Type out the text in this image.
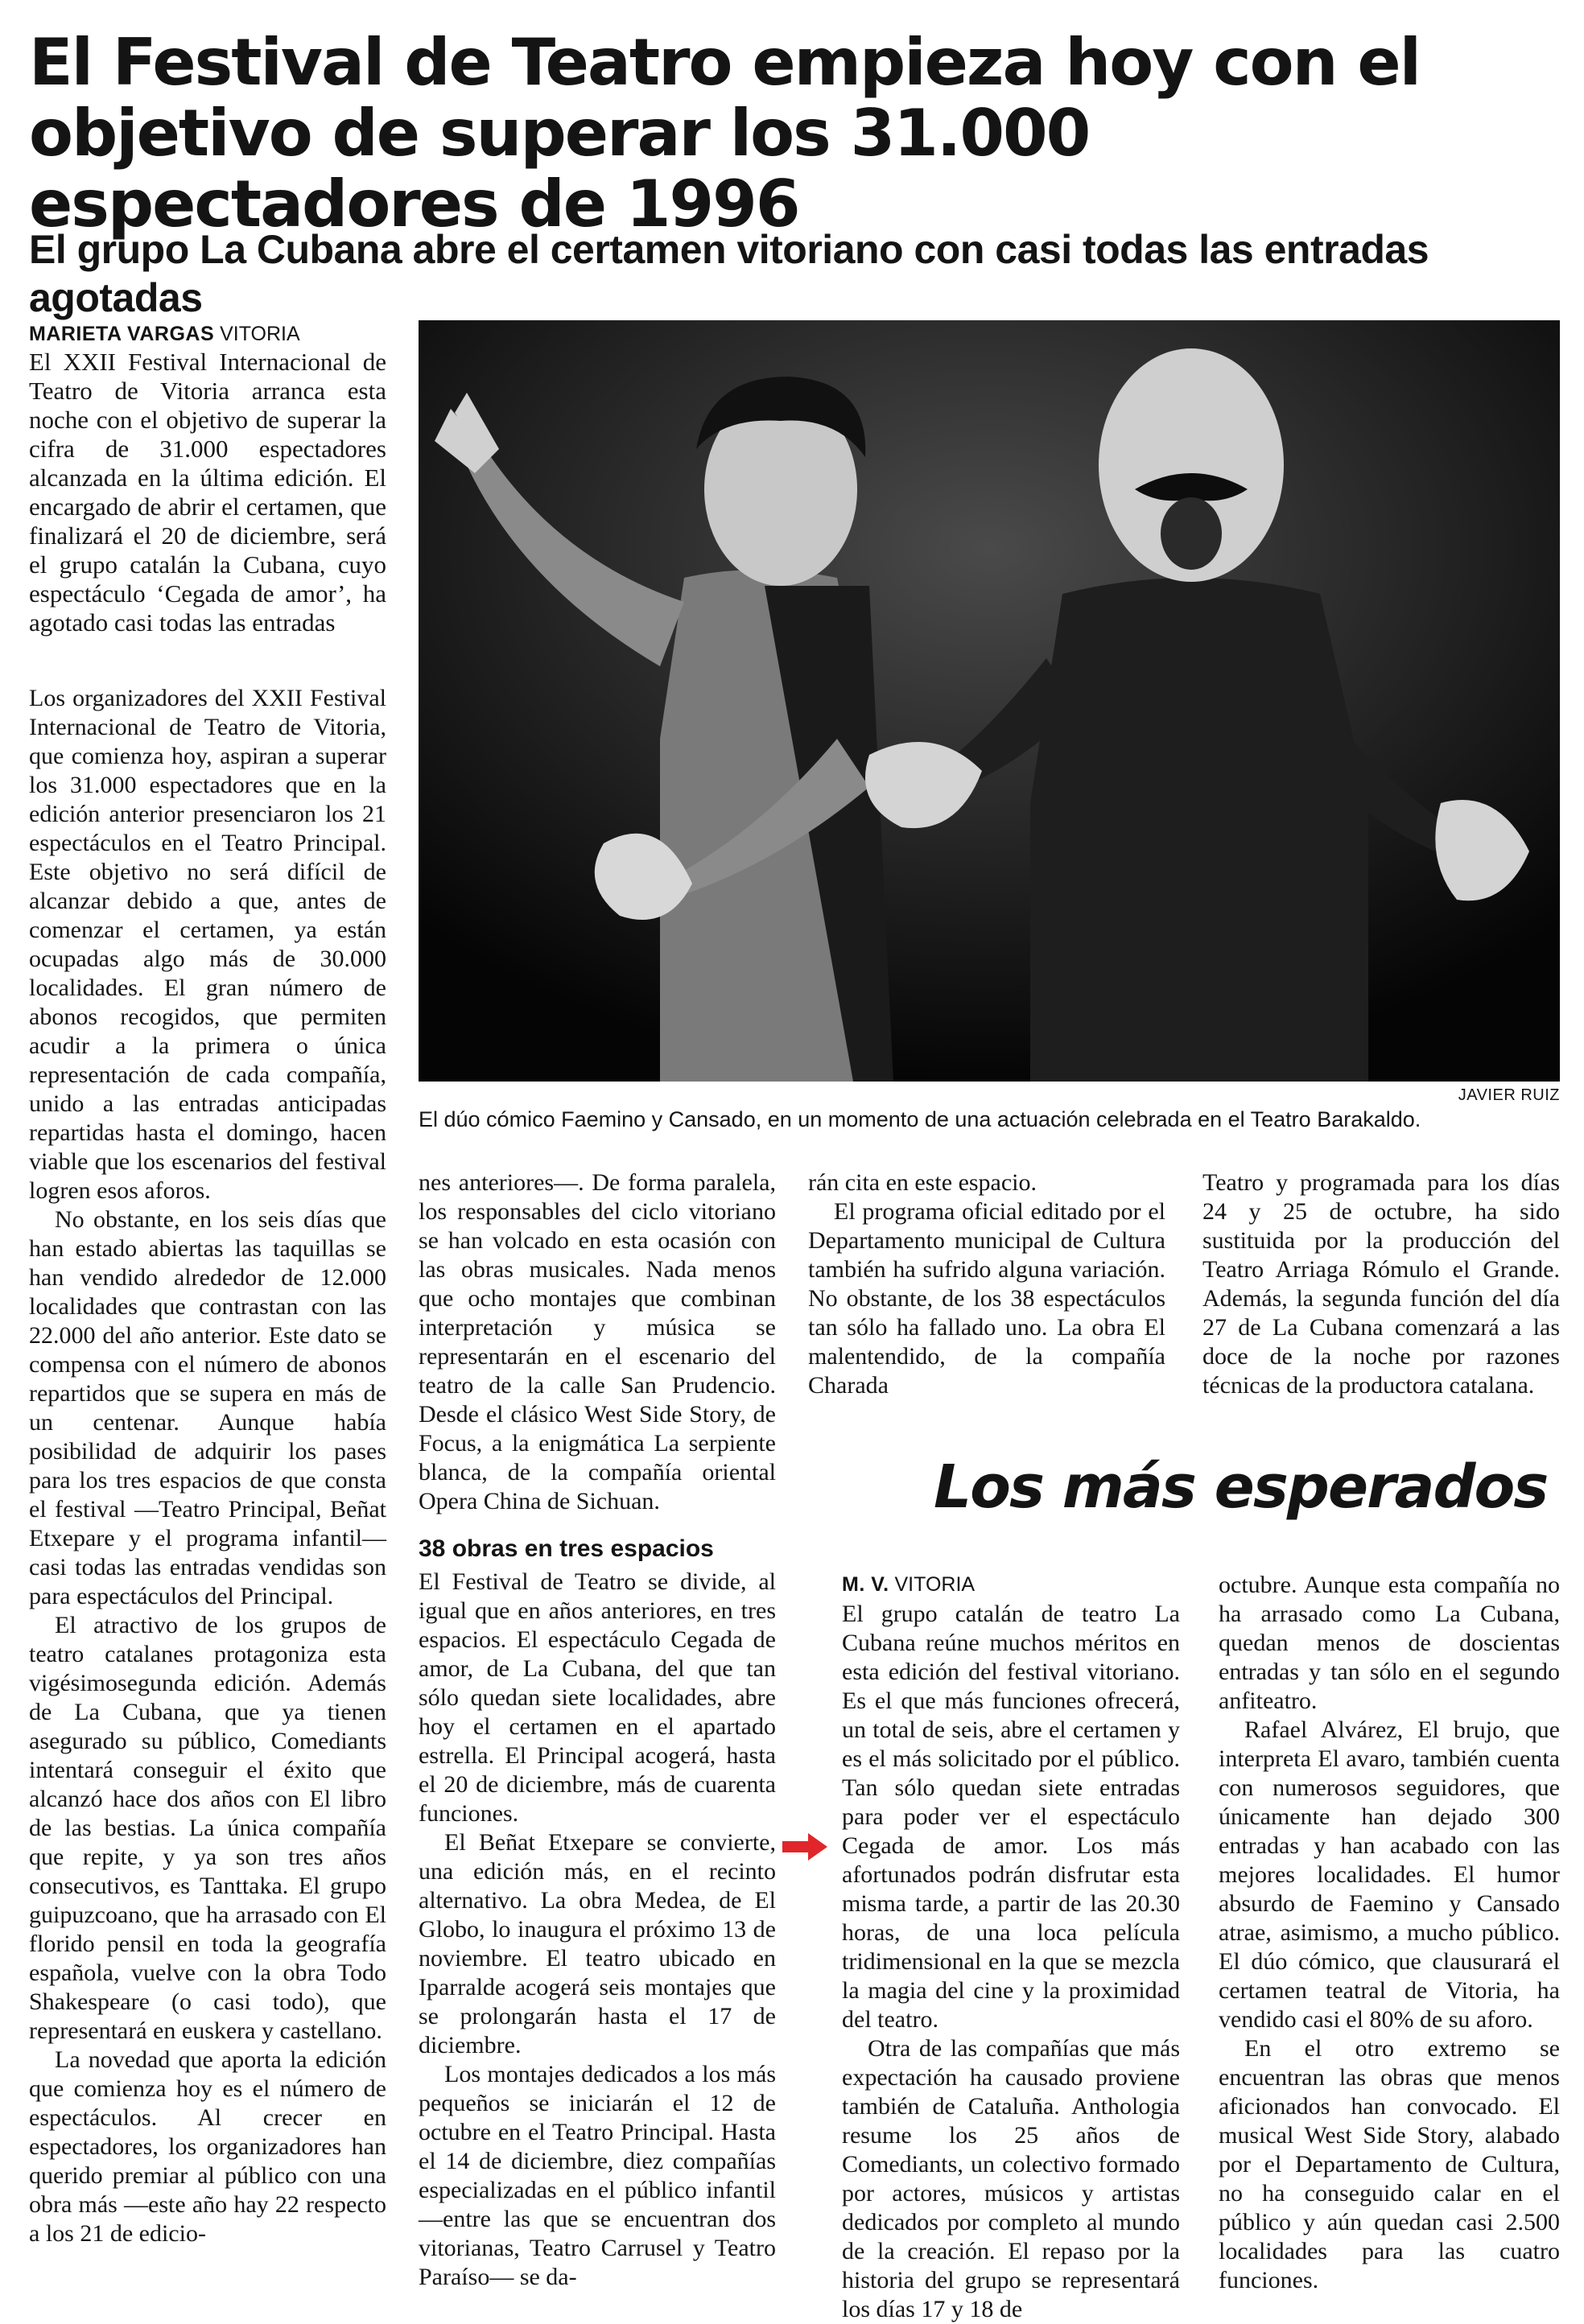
El Festival de Teatro empieza hoy con el objetivo de superar los 31.000 espectadores de 1996
El grupo La Cubana abre el certamen vitoriano con casi todas las entradas agotadas
MARIETA VARGAS VITORIA
El XXII Festival Internacional de Teatro de Vitoria arranca esta noche con el objetivo de superar la cifra de 31.000 espectadores alcanzada en la última edición. El encargado de abrir el certamen, que finalizará el 20 de diciembre, será el grupo catalán la Cubana, cuyo espectáculo ‘Cegada de amor’, ha agotado casi todas las entradas
JAVIER RUIZ
El dúo cómico Faemino y Cansado, en un momento de una actuación celebrada en el Teatro Barakaldo.

Los organizadores del XXII Festival Internacional de Teatro de Vitoria, que comienza hoy, aspiran a superar los 31.000 espectadores que en la edición anterior presenciaron los 21 espectáculos en el Teatro Principal. Este objetivo no será difícil de alcanzar debido a que, antes de comenzar el certamen, ya están ocupadas algo más de 30.000 localidades. El gran número de abonos recogidos, que permiten acudir a la primera o única representación de cada compañía, unido a las entradas anticipadas repartidas hasta el domingo, hacen viable que los escenarios del festival logren esos aforos.

No obstante, en los seis días que han estado abiertas las taquillas se han vendido alrededor de 12.000 localidades que contrastan con las 22.000 del año anterior. Este dato se compensa con el número de abonos repartidos que se supera en más de un centenar. Aunque había posibilidad de adquirir los pases para los tres espacios de que consta el festival —Teatro Principal, Beñat Etxepare y el programa infantil— casi todas las entradas vendidas son para espectáculos del Principal.

El atractivo de los grupos de teatro catalanes protagoniza esta vigésimosegunda edición. Además de La Cubana, que ya tienen asegurado su público, Comediants intentará conseguir el éxito que alcanzó hace dos años con El libro de las bestias. La única compañía que repite, y ya son tres años consecutivos, es Tanttaka. El grupo guipuzcoano, que ha arrasado con El florido pensil en toda la geografía española, vuelve con la obra Todo Shakespeare (o casi todo), que representará en euskera y castellano.

La novedad que aporta la edición que comienza hoy es el número de espectáculos. Al crecer en espectadores, los organizadores han querido premiar al público con una obra más —este año hay 22 respecto a los 21 de edicio-

nes anteriores—. De forma paralela, los responsables del ciclo vitoriano se han volcado en esta ocasión con las obras musicales. Nada menos que ocho montajes que combinan interpretación y música se representarán en el escenario del teatro de la calle San Prudencio. Desde el clásico West Side Story, de Focus, a la enigmática La serpiente blanca, de la compañía oriental Opera China de Sichuan.

38 obras en tres espacios

El Festival de Teatro se divide, al igual que en años anteriores, en tres espacios. El espectáculo Cegada de amor, de La Cubana, del que tan sólo quedan siete localidades, abre hoy el certamen en el apartado estrella. El Principal acogerá, hasta el 20 de diciembre, más de cuarenta funciones.

El Beñat Etxepare se convierte, una edición más, en el recinto alternativo. La obra Medea, de El Globo, lo inaugura el próximo 13 de noviembre. El teatro ubicado en Iparralde acogerá seis montajes que se prolongarán hasta el 17 de diciembre.

Los montajes dedicados a los más pequeños se iniciarán el 12 de octubre en el Teatro Principal. Hasta el 14 de diciembre, diez compañías especializadas en el público infantil —entre las que se encuentran dos vitorianas, Teatro Carrusel y Teatro Paraíso— se da-

rán cita en este espacio.

El programa oficial editado por el Departamento municipal de Cultura también ha sufrido alguna variación. No obstante, de los 38 espectáculos tan sólo ha fallado uno. La obra El malentendido, de la compañía Charada

Teatro y programada para los días 24 y 25 de octubre, ha sido sustituida por la producción del Teatro Arriaga Rómulo el Grande. Además, la segunda función del día 27 de La Cubana comenzará a las doce de la noche por razones técnicas de la productora catalana.

Los más esperados
M. V. VITORIA

El grupo catalán de teatro La Cubana reúne muchos méritos en esta edición del festival vitoriano. Es el que más funciones ofrecerá, un total de seis, abre el certamen y es el más solicitado por el público. Tan sólo quedan siete entradas para poder ver el espectáculo Cegada de amor. Los más afortunados podrán disfrutar esta misma tarde, a partir de las 20.30 horas, de una loca película tridimensional en la que se mezcla la magia del cine y la proximidad del teatro.

Otra de las compañías que más expectación ha causado proviene también de Cataluña. Anthologia resume los 25 años de Comediants, un colectivo formado por actores, músicos y artistas dedicados por completo al mundo de la creación. El repaso por la historia del grupo se representará los días 17 y 18 de

octubre. Aunque esta compañía no ha arrasado como La Cubana, quedan menos de doscientas entradas y tan sólo en el segundo anfiteatro.

Rafael Alvárez, El brujo, que interpreta El avaro, también cuenta con numerosos seguidores, que únicamente han dejado 300 entradas y han acabado con las mejores localidades. El humor absurdo de Faemino y Cansado atrae, asimismo, a mucho público. El dúo cómico, que clausurará el certamen teatral de Vitoria, ha vendido casi el 80% de su aforo.

En el otro extremo se encuentran las obras que menos aficionados han convocado. El musical West Side Story, alabado por el Departamento de Cultura, no ha conseguido calar en el público y aún quedan casi 2.500 localidades para las cuatro funciones.
